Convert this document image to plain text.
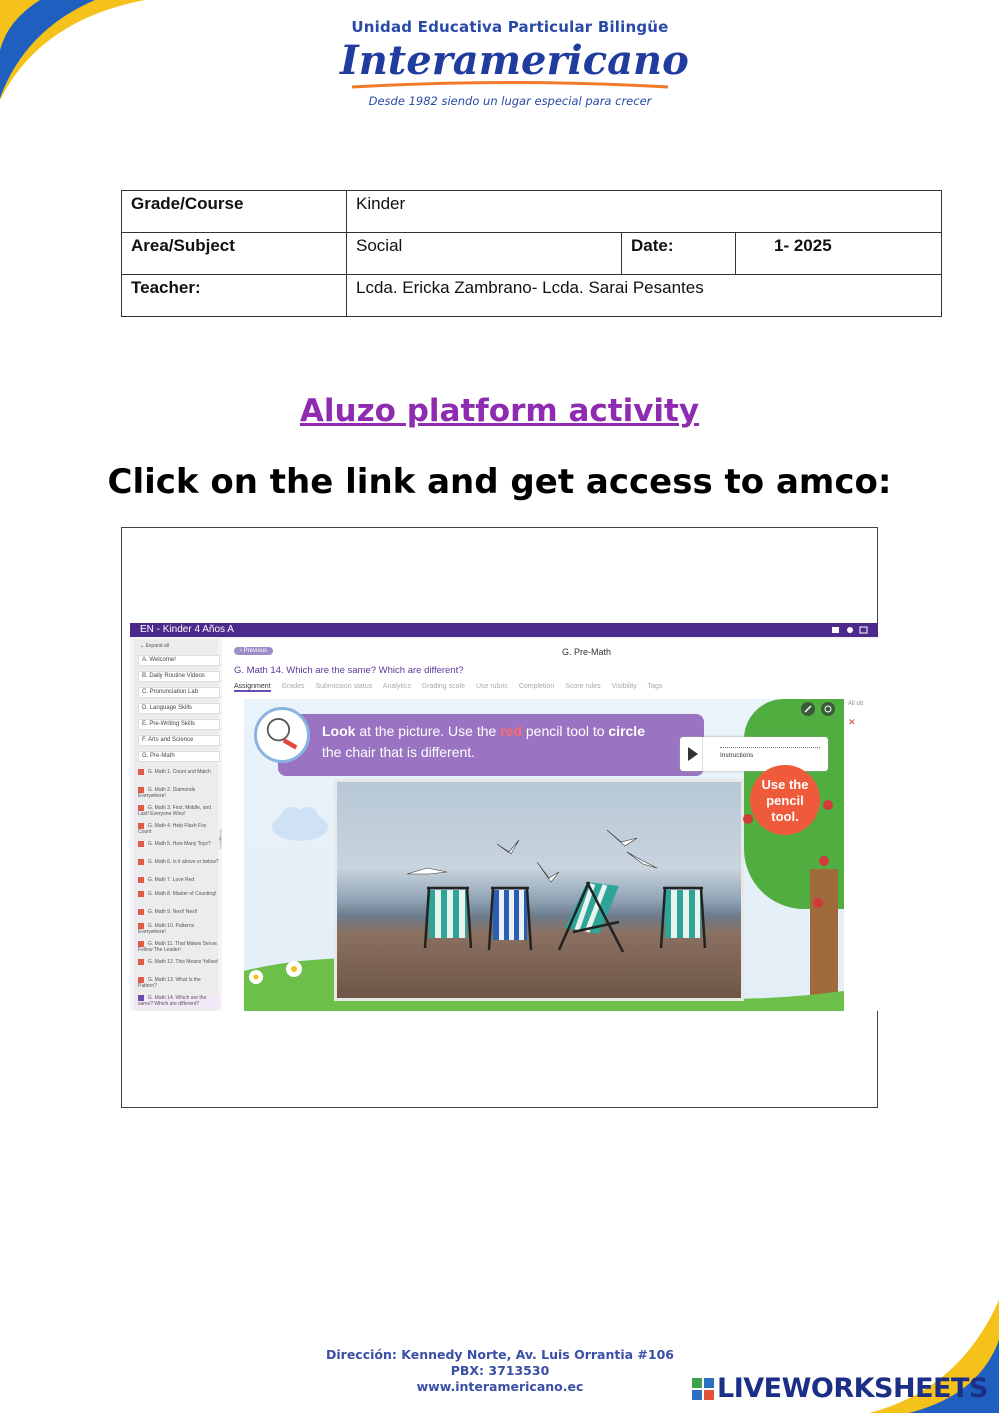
Unidad Educativa Particular Bilingüe
Interamericano
Desde 1982 siendo un lugar especial para crecer
Grade/Course	Kinder		
Area/Subject	Social	Date:	1- 2025
Teacher:	Lcda. Ericka Zambrano- Lcda. Sarai Pesantes		
Aluzo platform activity
Click on the link and get access to amco:
EN - Kinder 4 Años A
⌄ Expand all
A. Welcome!
B. Daily Routine Videos
C. Pronunciation Lab
D. Language Skills
E. Pre-Writing Skills
F. Arts and Science
G. Pre-Math
G. Math 1. Count and Match
G. Math 2. Diamonds Everywhere!
G. Math 3. First, Middle, and Last! Everyone Wins!
G. Math 4. Help Flash Fox Count
G. Math 5. How Many Toys?
G. Math 6. Is it above or below?
G. Math 7. Love Red
G. Math 8. Master of Counting!
G. Math 9. Next! Next!
G. Math 10. Patterns Everywhere!
G. Math 11. That Makes Sense. Follow The Leader!
G. Math 12. This Means Yellow!
G. Math 13. What Is the Pattern?
G. Math 14. Which are the same? Which are different?
‹
‹ Previous	G. Pre-Math
G. Math 14. Which are the same? Which are different?
Assignment Grades Submission status Analytics Grading scale Use rubric Completion Score rules Visibility Tags
Look at the picture. Use the red pencil tool to circle
the chair that is different.	Instructions
Use the
pencil
tool.
All ott
✕
Dirección: Kennedy Norte, Av. Luis Orrantia #106
PBX: 3713530
www.interamericano.ec	LIVEWORKSHEETS
